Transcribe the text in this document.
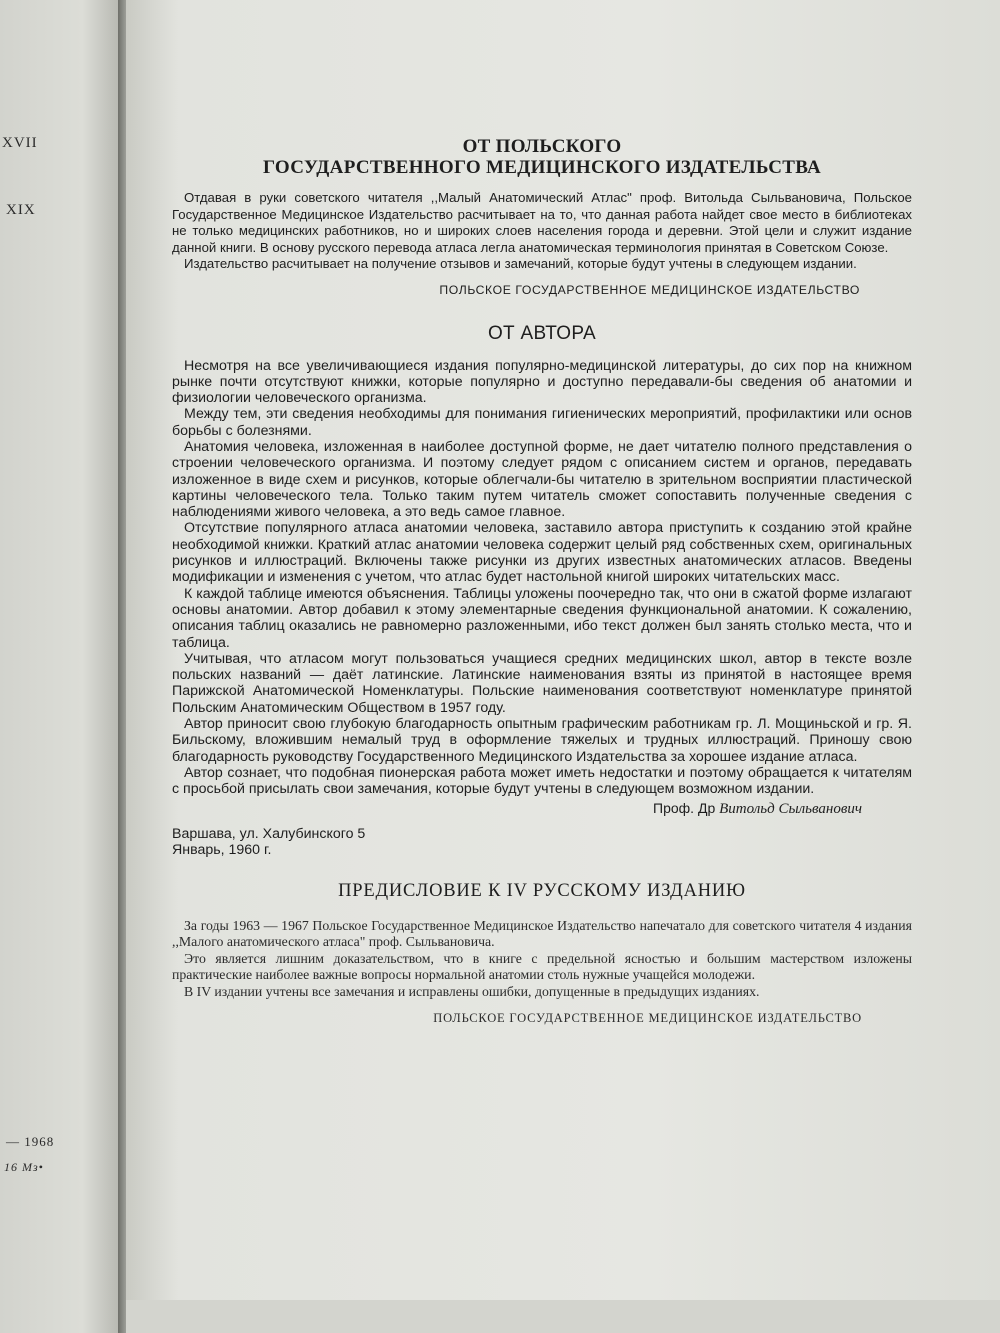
XVII
XIX
— 1968
16 Мз•
ОТ ПОЛЬСКОГО
ГОСУДАРСТВЕННОГО МЕДИЦИНСКОГО ИЗДАТЕЛЬСТВА

Отдавая в руки советского читателя ,,Малый Анатомический Атлас" проф. Витольда Сыльвановича, Польское Государственное Медицинское Издательство расчитывает на то, что данная работа найдет свое место в библиотеках не только медицинских работников, но и широких слоев населения города и деревни. Этой цели и служит издание данной книги. В основу русского перевода атласа легла анатомическая терминология принятая в Советском Союзе.

Издательство расчитывает на получение отзывов и замечаний, которые будут учтены в следующем издании.

ПОЛЬСКОЕ ГОСУДАРСТВЕННОЕ МЕДИЦИНСКОЕ ИЗДАТЕЛЬСТВО
ОТ АВТОРА

Несмотря на все увеличивающиеся издания популярно-медицинской литературы, до сих пор на книжном рынке почти отсутствуют книжки, которые популярно и доступно передавали-бы сведения об анатомии и физиологии человеческого организма.

Между тем, эти сведения необходимы для понимания гигиенических мероприятий, профилактики или основ борьбы с болезнями.

Анатомия человека, изложенная в наиболее доступной форме, не дает читателю полного представления о строении человеческого организма. И поэтому следует рядом с описанием систем и органов, передавать изложенное в виде схем и рисунков, которые облегчали-бы читателю в зрительном восприятии пластической картины человеческого тела. Только таким путем читатель сможет сопоставить полученные сведения с наблюдениями живого человека, а это ведь самое главное.

Отсутствие популярного атласа анатомии человека, заставило автора приступить к созданию этой крайне необходимой книжки. Краткий атлас анатомии человека содержит целый ряд собственных схем, оригинальных рисунков и иллюстраций. Включены также рисунки из других известных анатомических атласов. Введены модификации и изменения с учетом, что атлас будет настольной книгой широких читательских масс.

К каждой таблице имеются объяснения. Таблицы уложены поочередно так, что они в сжатой форме излагают основы анатомии. Автор добавил к этому элементарные сведения функциональной анатомии. К сожалению, описания таблиц оказались не равномерно разложенными, ибо текст должен был занять столько места, что и таблица.

Учитывая, что атласом могут пользоваться учащиеся средних медицинских школ, автор в тексте возле польских названий — даёт латинские. Латинские наименования взяты из принятой в настоящее время Парижской Анатомической Номенклатуры. Польские наименования соответствуют номенклатуре принятой Польским Анатомическим Обществом в 1957 году.

Автор приносит свою глубокую благодарность опытным графическим работникам гр. Л. Мощиньской и гр. Я. Бильскому, вложившим немалый труд в оформление тяжелых и трудных иллюстраций. Приношу свою благодарность руководству Государственного Медицинского Издательства за хорошее издание атласа.

Автор сознает, что подобная пионерская работа может иметь недостатки и поэтому обращается к читателям с просьбой присылать свои замечания, которые будут учтены в следующем возможном издании.

Проф. Др Витольд Сыльванович
Варшава, ул. Халубинского 5
Январь, 1960 г.
ПРЕДИСЛОВИЕ К IV РУССКОМУ ИЗДАНИЮ

За годы 1963 — 1967 Польское Государственное Медицинское Издательство напечатало для советского читателя 4 издания ,,Малого анатомического атласа" проф. Сыльвановича.

Это является лишним доказательством, что в книге с предельной ясностью и большим мастерством изложены практические наиболее важные вопросы нормальной анатомии столь нужные учащейся молодежи.

В IV издании учтены все замечания и исправлены ошибки, допущенные в предыдущих изданиях.

ПОЛЬСКОЕ ГОСУДАРСТВЕННОЕ МЕДИЦИНСКОЕ ИЗДАТЕЛЬСТВО
